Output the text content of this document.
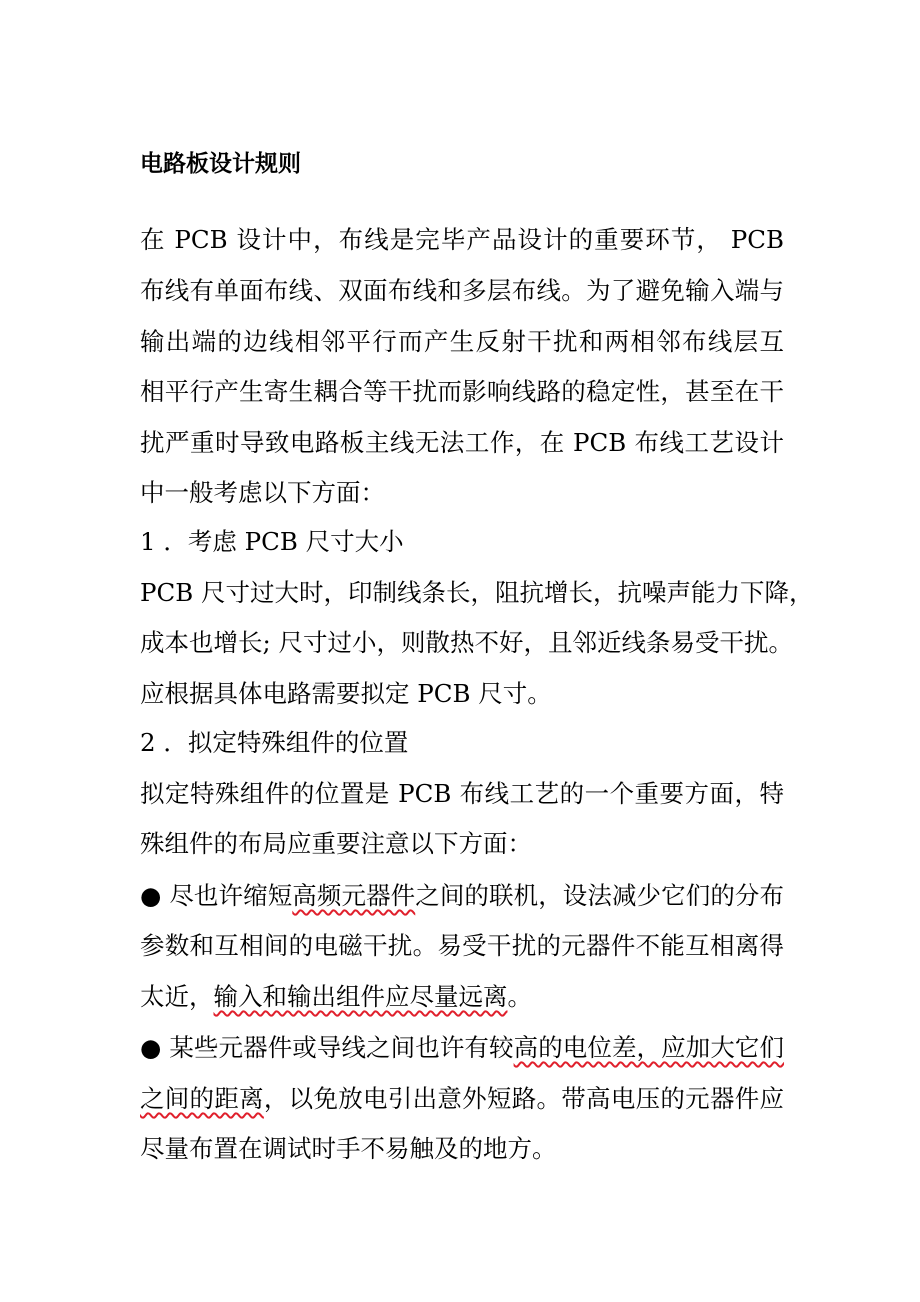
电路板设计规则
在 PCB 设计中，布线是完毕产品设计的重要环节， PCB
布线有单面布线、双面布线和多层布线。为了避免输入端与
输出端的边线相邻平行而产生反射干扰和两相邻布线层互
相平行产生寄生耦合等干扰而影响线路的稳定性，甚至在干
扰严重时导致电路板主线无法工作，在 PCB 布线工艺设计
中一般考虑以下方面：
1 ．考虑 PCB 尺寸大小
PCB 尺寸过大时，印制线条长，阻抗增长，抗噪声能力下降，
成本也增长; 尺寸过小，则散热不好，且邻近线条易受干扰。
应根据具体电路需要拟定 PCB 尺寸。
2 ．拟定特殊组件的位置
拟定特殊组件的位置是 PCB 布线工艺的一个重要方面，特
殊组件的布局应重要注意以下方面：
● 尽也许缩短高频元器件之间的联机，设法减少它们的分布
参数和互相间的电磁干扰。易受干扰的元器件不能互相离得
太近，输入和输出组件应尽量远离。
● 某些元器件或导线之间也许有较高的电位差，应加大它们
之间的距离，以免放电引出意外短路。带高电压的元器件应
尽量布置在调试时手不易触及的地方。
